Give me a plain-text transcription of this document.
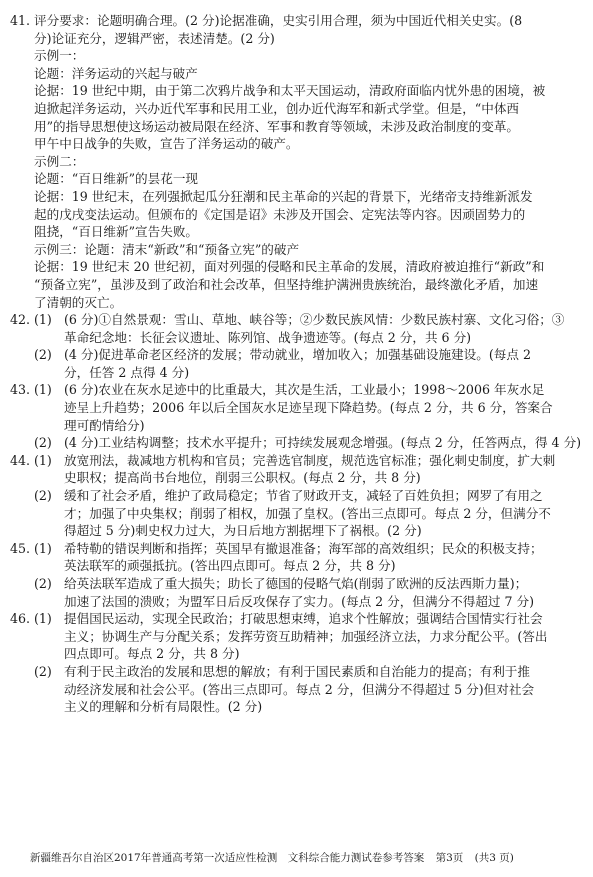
41. 评分要求：论题明确合理。(2 分)论据准确，史实引用合理，须为中国近代相关史实。(8
分)论证充分，逻辑严密，表述清楚。(2 分)
示例一：
论题：洋务运动的兴起与破产
论据：19 世纪中期，由于第二次鸦片战争和太平天国运动，清政府面临内忧外患的困境，被
迫掀起洋务运动，兴办近代军事和民用工业，创办近代海军和新式学堂。但是，“中体西
用”的指导思想使这场运动被局限在经济、军事和教育等领域，未涉及政治制度的变革。
甲午中日战争的失败，宣告了洋务运动的破产。
示例二：
论题：“百日维新”的昙花一现
论据：19 世纪末，在列强掀起瓜分狂潮和民主革命的兴起的背景下，光绪帝支持维新派发
起的戊戌变法运动。但颁布的《定国是诏》未涉及开国会、定宪法等内容。因顽固势力的
阻挠，“百日维新”宣告失败。
示例三：论题：清末“新政”和“预备立宪”的破产
论据：19 世纪末 20 世纪初，面对列强的侵略和民主革命的发展，清政府被迫推行“新政”和
“预备立宪”，虽涉及到了政治和社会改革，但坚持维护满洲贵族统治，最终激化矛盾，加速
了清朝的灭亡。
42. (1) (6 分)①自然景观：雪山、草地、峡谷等；②少数民族风情：少数民族村寨、文化习俗；③
革命纪念地：长征会议遗址、陈列馆、战争遗迹等。(每点 2 分，共 6 分)
(2) (4 分)促进革命老区经济的发展；带动就业，增加收入；加强基础设施建设。(每点 2
分，任答 2 点得 4 分)
43. (1) (6 分)农业在灰水足迹中的比重最大，其次是生活，工业最小；1998～2006 年灰水足
迹呈上升趋势；2006 年以后全国灰水足迹呈现下降趋势。(每点 2 分，共 6 分，答案合
理可酌情给分)
(2) (4 分)工业结构调整；技术水平提升；可持续发展观念增强。(每点 2 分，任答两点，得 4 分)
44. (1) 放宽刑法，裁减地方机构和官员；完善选官制度，规范选官标准；强化刺史制度，扩大刺
史职权；提高尚书台地位，削弱三公职权。(每点 2 分，共 8 分)
(2) 缓和了社会矛盾，维护了政局稳定；节省了财政开支，减轻了百姓负担；网罗了有用之
才；加强了中央集权；削弱了相权，加强了皇权。(答出三点即可。每点 2 分，但满分不
得超过 5 分)刺史权力过大，为日后地方割据埋下了祸根。(2 分)
45. (1) 希特勒的错误判断和指挥；英国早有撤退准备；海军部的高效组织；民众的积极支持；
英法联军的顽强抵抗。(答出四点即可。每点 2 分，共 8 分)
(2) 给英法联军造成了重大损失；助长了德国的侵略气焰(削弱了欧洲的反法西斯力量)；
加速了法国的溃败；为盟军日后反攻保存了实力。(每点 2 分，但满分不得超过 7 分)
46. (1) 提倡国民运动，实现全民政治；打破思想束缚，追求个性解放；强调结合国情实行社会
主义；协调生产与分配关系；发挥劳资互助精神；加强经济立法，力求分配公平。(答出
四点即可。每点 2 分，共 8 分)
(2) 有利于民主政治的发展和思想的解放；有利于国民素质和自治能力的提高；有利于推
动经济发展和社会公平。(答出三点即可。每点 2 分，但满分不得超过 5 分)但对社会
主义的理解和分析有局限性。(2 分)
新疆维吾尔自治区2017年普通高考第一次适应性检测　文科综合能力测试卷参考答案 第3页 (共3 页)
